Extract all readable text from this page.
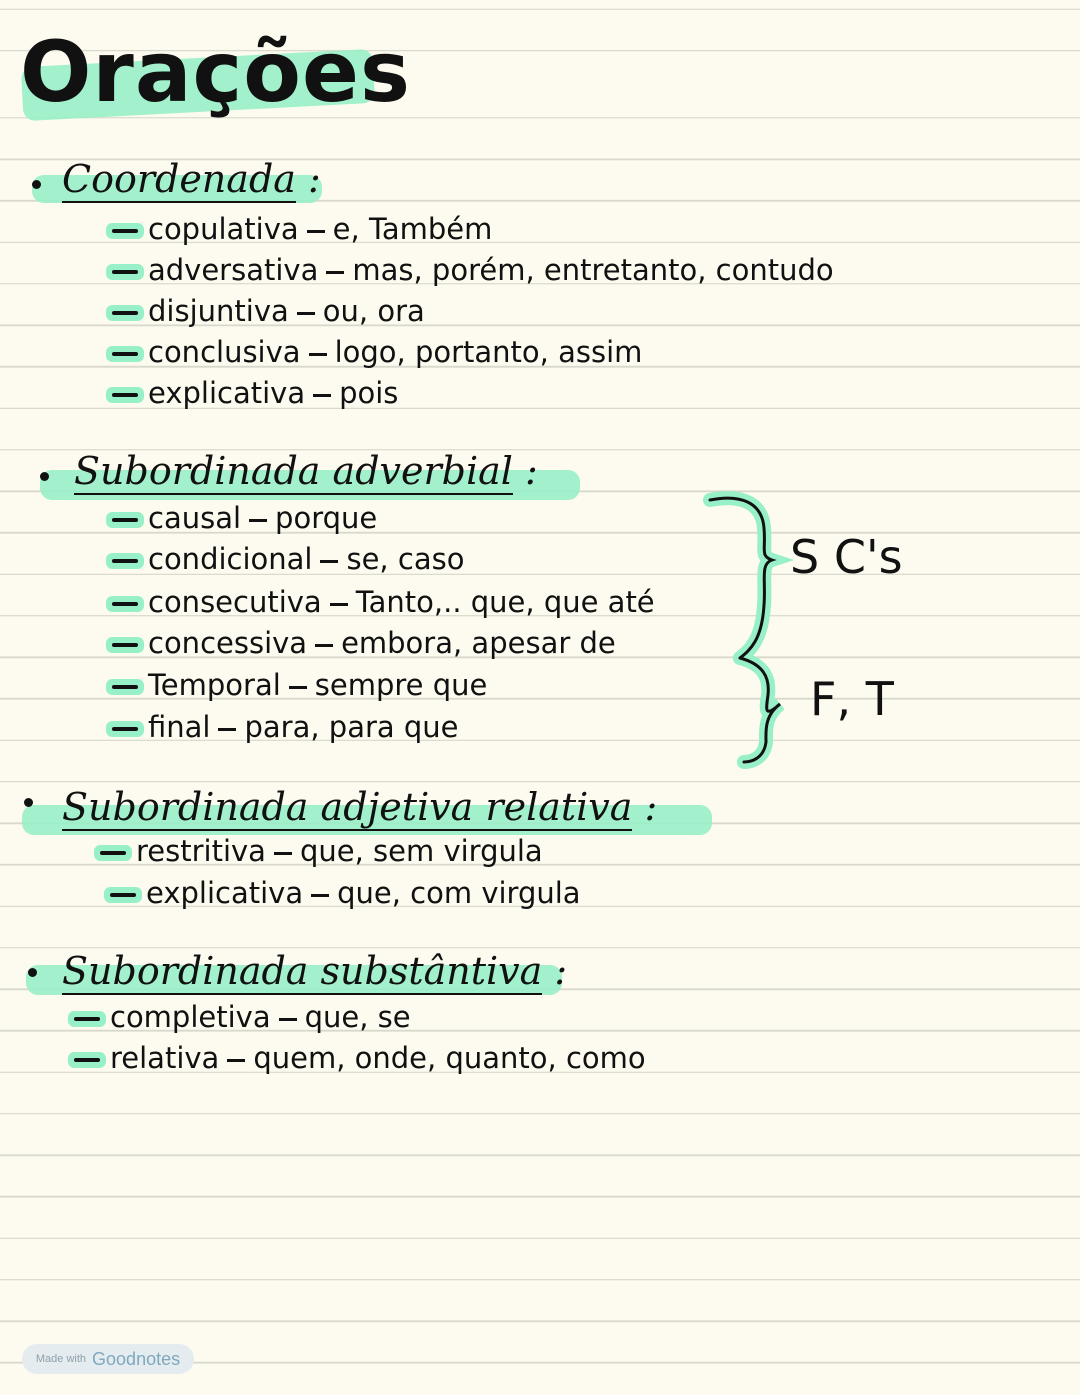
Orações
Coordenada :
copulativa e, Também
adversativa mas, porém, entretanto, contudo
disjuntiva ou, ora
conclusiva logo, portanto, assim
explicativa pois
Subordinada adverbial :
causal porque
condicional se, caso
consecutiva Tanto,.. que, que até
concessiva embora, apesar de
Temporal sempre que
final para, para que
S C's
F, T
Subordinada adjetiva relativa :
restritiva que, sem virgula
explicativa que, com virgula
Subordinada substântiva :
completiva que, se
relativa quem, onde, quanto, como
Made with Goodnotes
